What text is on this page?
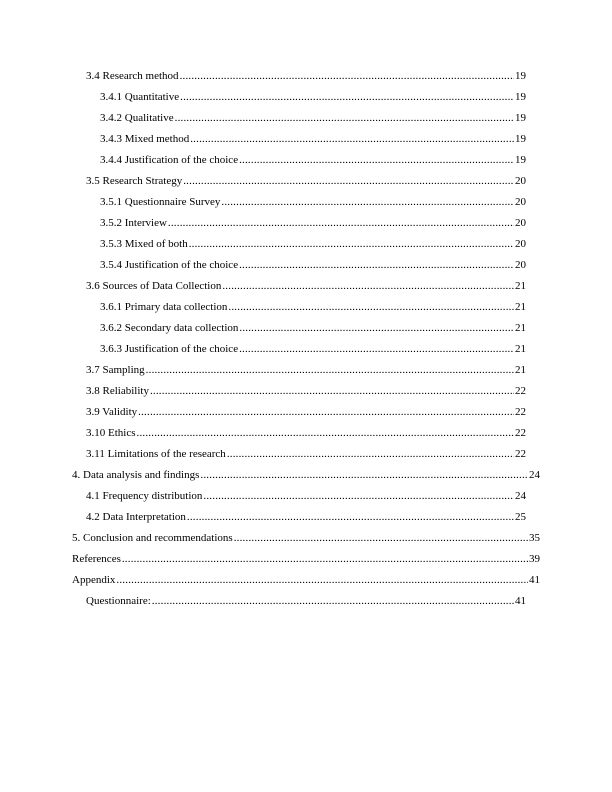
3.4 Research method .....	19
3.4.1 Quantitative .....	19
3.4.2 Qualitative .....	19
3.4.3 Mixed method .....	19
3.4.4 Justification of the choice .....	19
3.5 Research Strategy .....	20
3.5.1 Questionnaire Survey .....	20
3.5.2 Interview .....	20
3.5.3 Mixed of both .....	20
3.5.4 Justification of the choice .....	20
3.6 Sources of Data Collection .....	21
3.6.1 Primary data collection .....	21
3.6.2 Secondary data collection .....	21
3.6.3 Justification of the choice .....	21
3.7 Sampling .....	21
3.8 Reliability .....	22
3.9 Validity .....	22
3.10 Ethics .....	22
3.11 Limitations of the research .....	22
4. Data analysis and findings .....	24
4.1 Frequency distribution .....	24
4.2 Data Interpretation .....	25
5. Conclusion and recommendations .....	35
References .....	39
Appendix .....	41
Questionnaire: .....	41
